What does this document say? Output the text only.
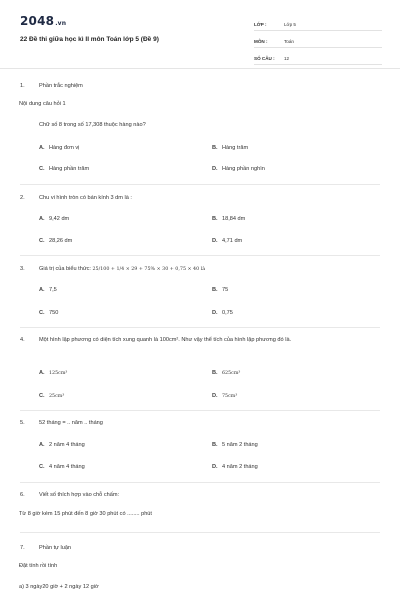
2048.vn
22 Đề thi giữa học kì II môn Toán lớp 5 (Đề 9)
LỚP :	Lớp 5
MÔN :	Toán
SỐ CÂU :	12
1.	Phần trắc nghiệm
Nội dung câu hỏi 1
Chữ số 8 trong số 17,308 thuộc hàng nào?
A. Hàng đơn vị	B. Hàng trăm
C. Hàng phần trăm	D. Hàng phần nghìn
2.	Chu vi hình tròn có bán kính 3 dm là :
A. 9,42 dm	B. 18,84 dm
C. 28,26 dm	D. 4,71 dm
3.	Giá trị của biểu thức: 25/100 + 1/4 × 29 + 75% × 30 + 0,75 × 40 là
A. 7,5	B. 75
C. 750	D. 0,75
4.	Một hình lập phương có diện tích xung quanh là 100cm². Như vậy thể tích của hình lập phương đó là.
A. 125cm³	B. 625cm³
C. 25cm³	D. 75cm³
5.	52 tháng = .. năm .. tháng
A. 2 năm 4 tháng	B. 5 năm 2 tháng
C. 4 năm 4 tháng	D. 4 năm 2 tháng
6.	Viết số thích hợp vào chỗ chấm:
Từ 8 giờ kém 15 phút đến 8 giờ 30 phút có ........ phút
7.	Phần tự luận
Đặt tính rồi tính
a) 3 ngày20 giờ + 2 ngày 12 giờ
